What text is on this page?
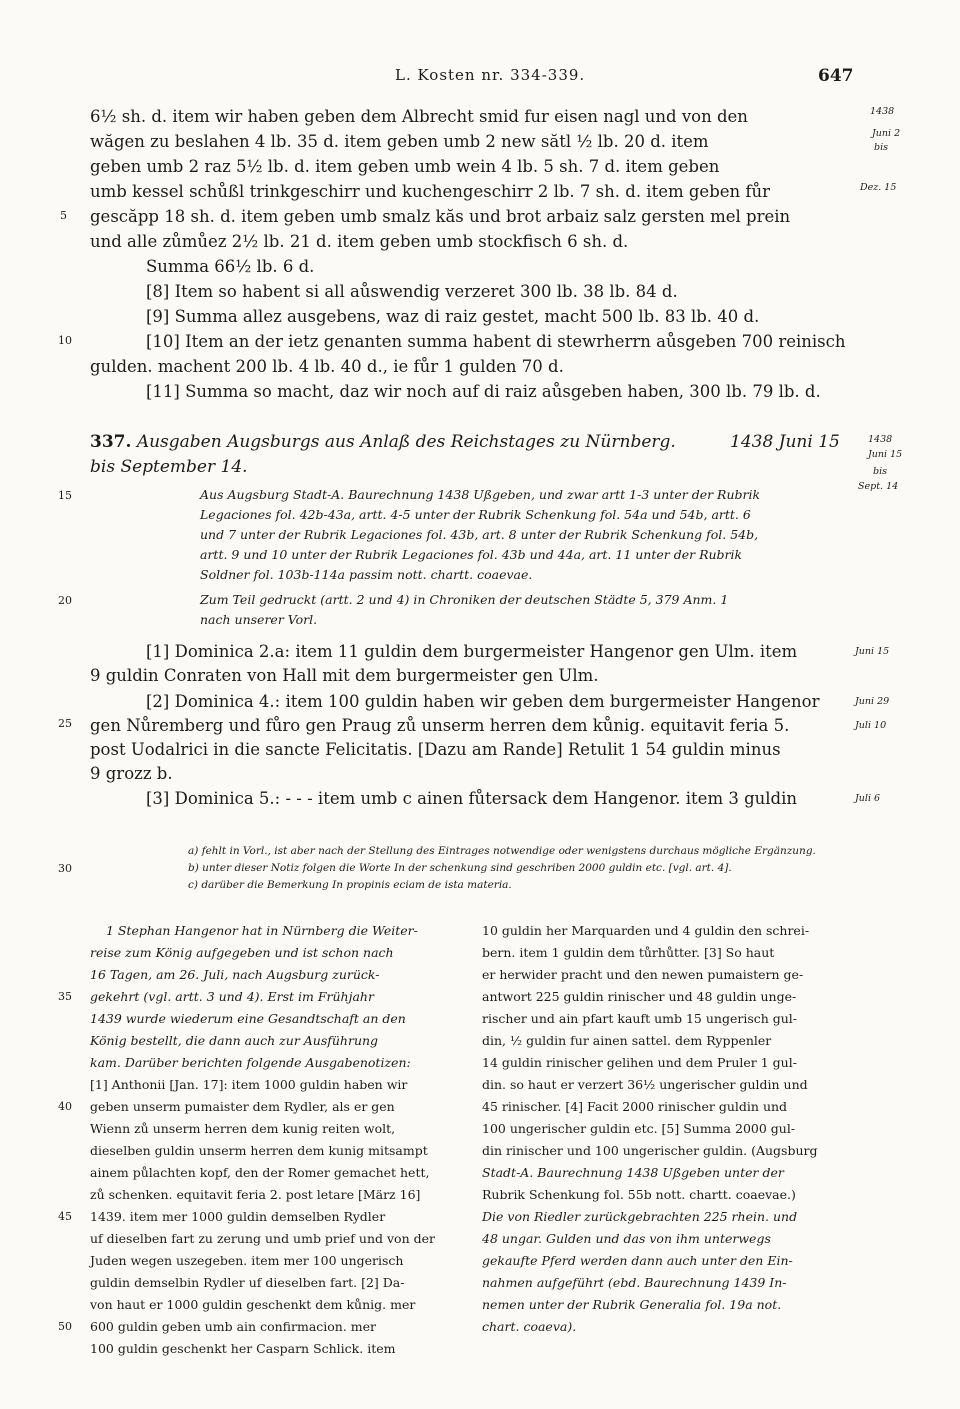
L. Kosten nr. 334-339.	647
6½ sh. d. item wir haben geben dem Albrecht smid fur eisen nagl und von den
wăgen zu beslahen 4 lb. 35 d. item geben umb 2 new sătl ½ lb. 20 d. item
geben umb 2 raz 5½ lb. d. item geben umb wein 4 lb. 5 sh. 7 d. item geben
umb kessel schůßl trinkgeschirr und kuchengeschirr 2 lb. 7 sh. d. item geben fůr
gescăpp 18 sh. d. item geben umb smalz kăs und brot arbaiz salz gersten mel prein
und alle zůmůez 2½ lb. 21 d. item geben umb stockfisch 6 sh. d.
Summa 66½ lb. 6 d.
[8] Item so habent si all aůswendig verzeret 300 lb. 38 lb. 84 d.
[9] Summa allez ausgebens, waz di raiz gestet, macht 500 lb. 83 lb. 40 d.
[10] Item an der ietz genanten summa habent di stewrherrn aůsgeben 700 reinisch
gulden. machent 200 lb. 4 lb. 40 d., ie fůr 1 gulden 70 d.
[11] Summa so macht, daz wir noch auf di raiz aůsgeben haben, 300 lb. 79 lb. d.
1438
Juni 2
bis
Dez. 15
337. Ausgaben Augsburgs aus Anlaß des Reichstages zu Nürnberg.	1438 Juni 15
bis September 14.
1438
Juni 15
bis
Sept. 14
Aus Augsburg Stadt-A. Baurechnung 1438 Ußgeben, und zwar artt 1-3 unter der Rubrik
Legaciones fol. 42b-43a, artt. 4-5 unter der Rubrik Schenkung fol. 54a und 54b, artt. 6
und 7 unter der Rubrik Legaciones fol. 43b, art. 8 unter der Rubrik Schenkung fol. 54b,
artt. 9 und 10 unter der Rubrik Legaciones fol. 43b und 44a, art. 11 unter der Rubrik
Soldner fol. 103b-114a passim nott. chartt. coaevae.
Zum Teil gedruckt (artt. 2 und 4) in Chroniken der deutschen Städte 5, 379 Anm. 1
nach unserer Vorl.
[1] Dominica 2.a: item 11 guldin dem burgermeister Hangenor gen Ulm. item
9 guldin Conraten von Hall mit dem burgermeister gen Ulm.
[2] Dominica 4.: item 100 guldin haben wir geben dem burgermeister Hangenor
gen Nůremberg und fůro gen Praug zů unserm herren dem kůnig. equitavit feria 5.
post Uodalrici in die sancte Felicitatis. [Dazu am Rande] Retulit 1 54 guldin minus
9 grozz b.
[3] Dominica 5.: - - - item umb c ainen fůtersack dem Hangenor. item 3 guldin
Juni 15
Juni 29
Juli 10
Juli 6
a) fehlt in Vorl., ist aber nach der Stellung des Eintrages notwendige oder wenigstens durchaus mögliche Ergänzung.
b) unter dieser Notiz folgen die Worte In der schenkung sind geschriben 2000 guldin etc. [vgl. art. 4].
c) darüber die Bemerkung In propinis eciam de ista materia.
1 Stephan Hangenor hat in Nürnberg die Weiter-
reise zum König aufgegeben und ist schon nach
16 Tagen, am 26. Juli, nach Augsburg zurück-
gekehrt (vgl. artt. 3 und 4). Erst im Frühjahr
1439 wurde wiederum eine Gesandtschaft an den
König bestellt, die dann auch zur Ausführung
kam. Darüber berichten folgende Ausgabenotizen:
[1] Anthonii [Jan. 17]: item 1000 guldin haben wir
geben unserm pumaister dem Rydler, als er gen
Wienn zů unserm herren dem kunig reiten wolt,
dieselben guldin unserm herren dem kunig mitsampt
ainem půlachten kopf, den der Romer gemachet hett,
zů schenken. equitavit feria 2. post letare [März 16]
1439. item mer 1000 guldin demselben Rydler
uf dieselben fart zu zerung und umb prief und von der
Juden wegen uszegeben. item mer 100 ungerisch
guldin demselbin Rydler uf dieselben fart. [2] Da-
von haut er 1000 guldin geschenkt dem kůnig. mer
600 guldin geben umb ain confirmacion. mer
100 guldin geschenkt her Casparn Schlick. item
10 guldin her Marquarden und 4 guldin den schrei-
bern. item 1 guldin dem tůrhůtter. [3] So haut
er herwider pracht und den newen pumaistern ge-
antwort 225 guldin rinischer und 48 guldin unge-
rischer und ain pfart kauft umb 15 ungerisch gul-
din, ½ guldin fur ainen sattel. dem Ryppenler
14 guldin rinischer gelihen und dem Pruler 1 gul-
din. so haut er verzert 36½ ungerischer guldin und
45 rinischer. [4] Facit 2000 rinischer guldin und
100 ungerischer guldin etc. [5] Summa 2000 gul-
din rinischer und 100 ungerischer guldin. (Augsburg
Stadt-A. Baurechnung 1438 Ußgeben unter der
Rubrik Schenkung fol. 55b nott. chartt. coaevae.)
Die von Riedler zurückgebrachten 225 rhein. und
48 ungar. Gulden und das von ihm unterwegs
gekaufte Pferd werden dann auch unter den Ein-
nahmen aufgeführt (ebd. Baurechnung 1439 In-
nemen unter der Rubrik Generalia fol. 19a not.
chart. coaeva).
5
10
15
20
25
30
35
40
45
50
